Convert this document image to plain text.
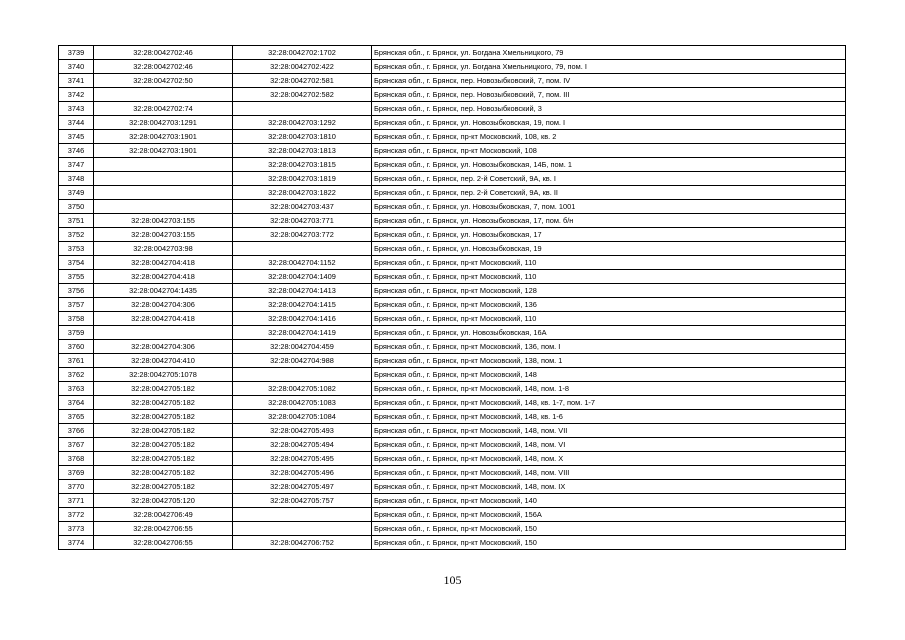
3739	32:28:0042702:46	32:28:0042702:1702	Брянская обл., г. Брянск, ул. Богдана Хмельницкого, 79
3740	32:28:0042702:46	32:28:0042702:422	Брянская обл., г. Брянск, ул. Богдана Хмельницкого, 79, пом. I
3741	32:28:0042702:50	32:28:0042702:581	Брянская обл., г. Брянск, пер. Новозыбковский, 7, пом. IV
3742		32:28:0042702:582	Брянская обл., г. Брянск, пер. Новозыбковский, 7, пом. III
3743	32:28:0042702:74		Брянская обл., г. Брянск, пер. Новозыбковский, 3
3744	32:28:0042703:1291	32:28:0042703:1292	Брянская обл., г. Брянск, ул. Новозыбковская, 19, пом. I
3745	32:28:0042703:1901	32:28:0042703:1810	Брянская обл., г. Брянск, пр-кт Московский, 108, кв. 2
3746	32:28:0042703:1901	32:28:0042703:1813	Брянская обл., г. Брянск, пр-кт Московский, 108
3747		32:28:0042703:1815	Брянская обл., г. Брянск, ул. Новозыбковская, 14Б, пом. 1
3748		32:28:0042703:1819	Брянская обл., г. Брянск, пер. 2-й Советский, 9А, кв. I
3749		32:28:0042703:1822	Брянская обл., г. Брянск, пер. 2-й Советский, 9А, кв. II
3750		32:28:0042703:437	Брянская обл., г. Брянск, ул. Новозыбковская, 7, пом. 1001
3751	32:28:0042703:155	32:28:0042703:771	Брянская обл., г. Брянск, ул. Новозыбковская, 17, пом. б/н
3752	32:28:0042703:155	32:28:0042703:772	Брянская обл., г. Брянск, ул. Новозыбковская, 17
3753	32:28:0042703:98		Брянская обл., г. Брянск, ул. Новозыбковская, 19
3754	32:28:0042704:418	32:28:0042704:1152	Брянская обл., г. Брянск, пр-кт Московский, 110
3755	32:28:0042704:418	32:28:0042704:1409	Брянская обл., г. Брянск, пр-кт Московский, 110
3756	32:28:0042704:1435	32:28:0042704:1413	Брянская обл., г. Брянск, пр-кт Московский, 128
3757	32:28:0042704:306	32:28:0042704:1415	Брянская обл., г. Брянск, пр-кт Московский, 136
3758	32:28:0042704:418	32:28:0042704:1416	Брянская обл., г. Брянск, пр-кт Московский, 110
3759		32:28:0042704:1419	Брянская обл., г. Брянск, ул. Новозыбковская, 16А
3760	32:28:0042704:306	32:28:0042704:459	Брянская обл., г. Брянск, пр-кт Московский, 136, пом. I
3761	32:28:0042704:410	32:28:0042704:988	Брянская обл., г. Брянск, пр-кт Московский, 138, пом. 1
3762	32:28:0042705:1078		Брянская обл., г. Брянск, пр-кт Московский, 148
3763	32:28:0042705:182	32:28:0042705:1082	Брянская обл., г. Брянск, пр-кт Московский, 148, пом. 1-8
3764	32:28:0042705:182	32:28:0042705:1083	Брянская обл., г. Брянск, пр-кт Московский, 148, кв. 1-7, пом. 1-7
3765	32:28:0042705:182	32:28:0042705:1084	Брянская обл., г. Брянск, пр-кт Московский, 148, кв. 1-6
3766	32:28:0042705:182	32:28:0042705:493	Брянская обл., г. Брянск, пр-кт Московский, 148, пом. VII
3767	32:28:0042705:182	32:28:0042705:494	Брянская обл., г. Брянск, пр-кт Московский, 148, пом. VI
3768	32:28:0042705:182	32:28:0042705:495	Брянская обл., г. Брянск, пр-кт Московский, 148, пом. X
3769	32:28:0042705:182	32:28:0042705:496	Брянская обл., г. Брянск, пр-кт Московский, 148, пом. VIII
3770	32:28:0042705:182	32:28:0042705:497	Брянская обл., г. Брянск, пр-кт Московский, 148, пом. IX
3771	32:28:0042705:120	32:28:0042705:757	Брянская обл., г. Брянск, пр-кт Московский, 140
3772	32:28:0042706:49		Брянская обл., г. Брянск, пр-кт Московский, 156А
3773	32:28:0042706:55		Брянская обл., г. Брянск, пр-кт Московский, 150
3774	32:28:0042706:55	32:28:0042706:752	Брянская обл., г. Брянск, пр-кт Московский, 150
105
